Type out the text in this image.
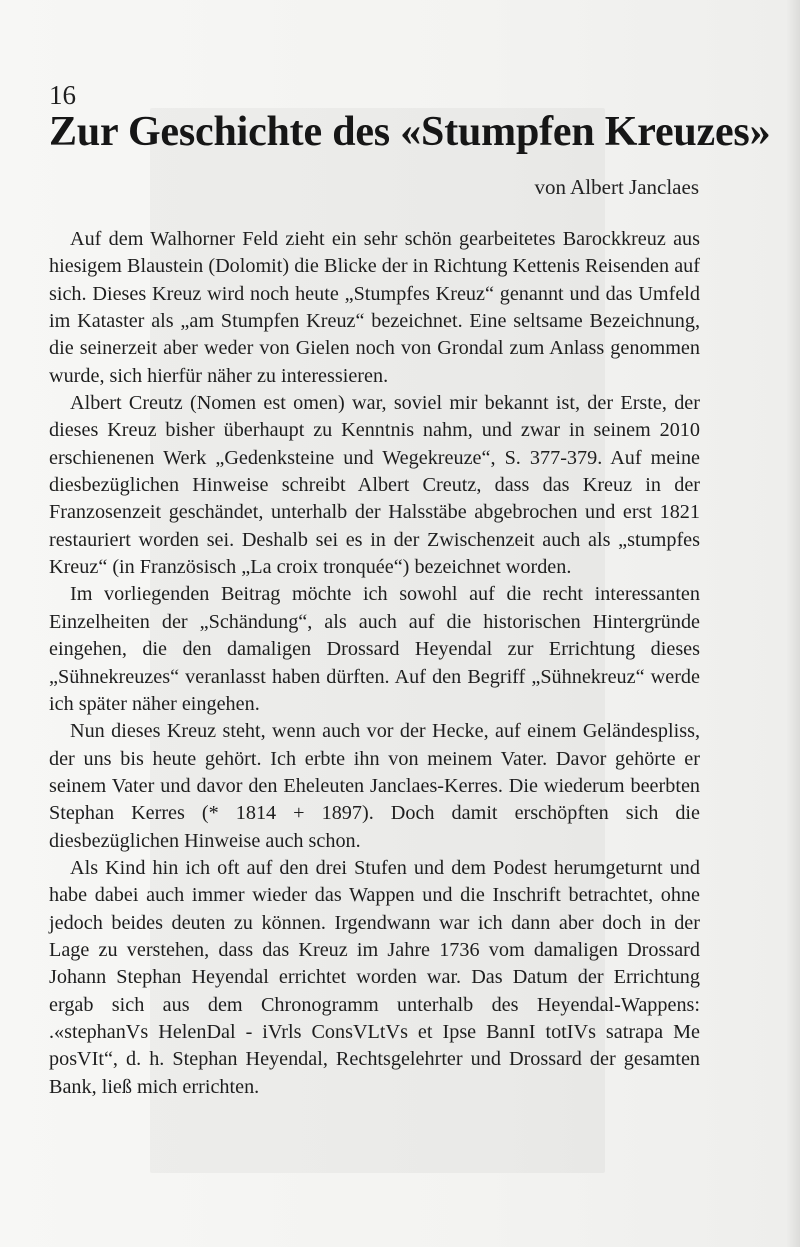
16
Zur Geschichte des «Stumpfen Kreuzes»
von Albert Janclaes

Auf dem Walhorner Feld zieht ein sehr schön gearbeitetes Barockkreuz aus hiesigem Blaustein (Dolomit) die Blicke der in Richtung Kettenis Reisenden auf sich. Dieses Kreuz wird noch heute „Stumpfes Kreuz“ genannt und das Umfeld im Kataster als „am Stumpfen Kreuz“ bezeichnet. Eine seltsame Bezeichnung, die seinerzeit aber weder von Gielen noch von Grondal zum Anlass genommen wurde, sich hierfür näher zu interessieren.

Albert Creutz (Nomen est omen) war, soviel mir bekannt ist, der Erste, der dieses Kreuz bisher überhaupt zu Kenntnis nahm, und zwar in seinem 2010 erschienenen Werk „Gedenksteine und Wegekreuze“, S. 377-379. Auf meine diesbezüglichen Hinweise schreibt Albert Creutz, dass das Kreuz in der Franzosenzeit geschändet, unterhalb der Halsstäbe abgebrochen und erst 1821 restauriert worden sei. Deshalb sei es in der Zwischenzeit auch als „stumpfes Kreuz“ (in Französisch „La croix tronquée“) bezeichnet worden.

Im vorliegenden Beitrag möchte ich sowohl auf die recht interessanten Einzelheiten der „Schändung“, als auch auf die historischen Hintergründe eingehen, die den damaligen Drossard Heyendal zur Errichtung dieses „Sühnekreuzes“ veranlasst haben dürften. Auf den Begriff „Sühnekreuz“ werde ich später näher eingehen.

Nun dieses Kreuz steht, wenn auch vor der Hecke, auf einem Geländespliss, der uns bis heute gehört. Ich erbte ihn von meinem Vater. Davor gehörte er seinem Vater und davor den Eheleuten Janclaes-Kerres. Die wiederum beerbten Stephan Kerres (* 1814 + 1897). Doch damit erschöpften sich die diesbezüglichen Hinweise auch schon.

Als Kind hin ich oft auf den drei Stufen und dem Podest herumgeturnt und habe dabei auch immer wieder das Wappen und die Inschrift betrachtet, ohne jedoch beides deuten zu können. Irgendwann war ich dann aber doch in der Lage zu verstehen, dass das Kreuz im Jahre 1736 vom damaligen Drossard Johann Stephan Heyendal errichtet worden war. Das Datum der Errichtung ergab sich aus dem Chronogramm unterhalb des Heyendal-Wappens: .«stephanVs HelenDal - iVrls ConsVLtVs et Ipse BannI totIVs satrapa Me posVIt“, d. h. Stephan Heyendal, Rechtsgelehrter und Drossard der gesamten Bank, ließ mich errichten.
